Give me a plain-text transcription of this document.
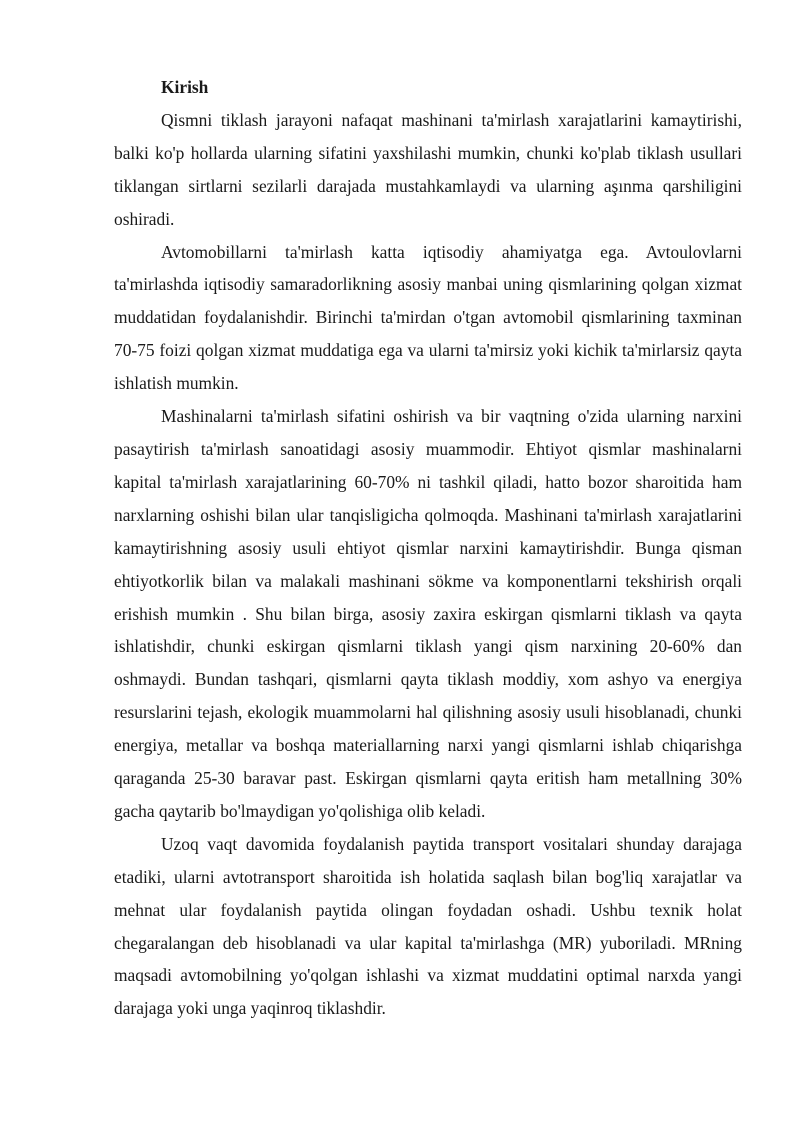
Kirish

Qismni tiklash jarayoni nafaqat mashinani ta'mirlash xarajatlarini kamaytirishi, balki ko'p hollarda ularning sifatini yaxshilashi mumkin, chunki ko'plab tiklash usullari tiklangan sirtlarni sezilarli darajada mustahkamlaydi va ularning aşınma qarshiligini oshiradi.

Avtomobillarni ta'mirlash katta iqtisodiy ahamiyatga ega. Avtoulovlarni ta'mirlashda iqtisodiy samaradorlikning asosiy manbai uning qismlarining qolgan xizmat muddatidan foydalanishdir. Birinchi ta'mirdan o'tgan avtomobil qismlarining taxminan 70-75 foizi qolgan xizmat muddatiga ega va ularni ta'mirsiz yoki kichik ta'mirlarsiz qayta ishlatish mumkin.

Mashinalarni ta'mirlash sifatini oshirish va bir vaqtning o'zida ularning narxini pasaytirish ta'mirlash sanoatidagi asosiy muammodir. Ehtiyot qismlar mashinalarni kapital ta'mirlash xarajatlarining 60-70% ni tashkil qiladi, hatto bozor sharoitida ham narxlarning oshishi bilan ular tanqisligicha qolmoqda. Mashinani ta'mirlash xarajatlarini kamaytirishning asosiy usuli ehtiyot qismlar narxini kamaytirishdir. Bunga qisman ehtiyotkorlik bilan va malakali mashinani sökme va komponentlarni tekshirish orqali erishish mumkin . Shu bilan birga, asosiy zaxira eskirgan qismlarni tiklash va qayta ishlatishdir, chunki eskirgan qismlarni tiklash yangi qism narxining 20-60% dan oshmaydi. Bundan tashqari, qismlarni qayta tiklash moddiy, xom ashyo va energiya resurslarini tejash, ekologik muammolarni hal qilishning asosiy usuli hisoblanadi, chunki energiya, metallar va boshqa materiallarning narxi yangi qismlarni ishlab chiqarishga qaraganda 25-30 baravar past. Eskirgan qismlarni qayta eritish ham metallning 30% gacha qaytarib bo'lmaydigan yo'qolishiga olib keladi.

Uzoq vaqt davomida foydalanish paytida transport vositalari shunday darajaga etadiki, ularni avtotransport sharoitida ish holatida saqlash bilan bog'liq xarajatlar va mehnat ular foydalanish paytida olingan foydadan oshadi. Ushbu texnik holat chegaralangan deb hisoblanadi va ular kapital ta'mirlashga (MR) yuboriladi. MRning maqsadi avtomobilning yo'qolgan ishlashi va xizmat muddatini optimal narxda yangi darajaga yoki unga yaqinroq tiklashdir.
